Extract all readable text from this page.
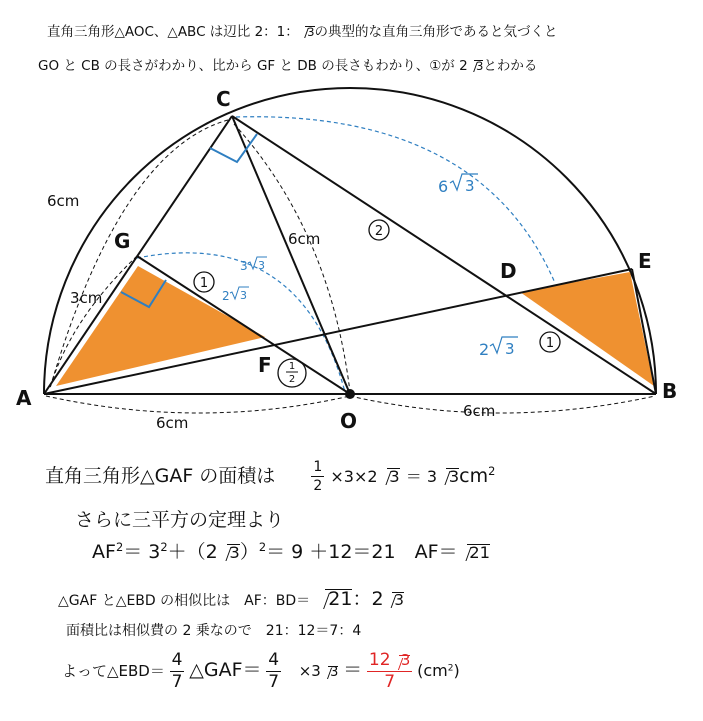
直角三角形△AOC、△ABC は辺比 2：1： 3の典型的な直角三角形であると気づくと
GO と CB の長さがわかり、比から GF と DB の長さもわかり、①が 2 3とわかる
A	B
C
O
G
F
D	E
6cm
3cm
6cm
6cm
6cm
6 3
3 3
2 3
2 3
1
2
1
1
2
直角三角形△GAF の面積は	$\frac{1}{2} \times 3\times 2$ 3 ＝ 3 $3cm^2$
さらに三平方の定理より
$AF^2= 3^2+(2$ 3）$^2$＝ 9 ＋12＝21　AF＝ 21
△GAF と△EBD の相似比は　AF：BD＝ 21：2 3
面積比は相似費の 2 乗なので　21：12＝7：4
よって△EBD＝ $\frac{4}{7}$ △GAF＝ $\frac{4}{7} \times 3$ $3 = \frac{12 3}{7} (cm^2)$
